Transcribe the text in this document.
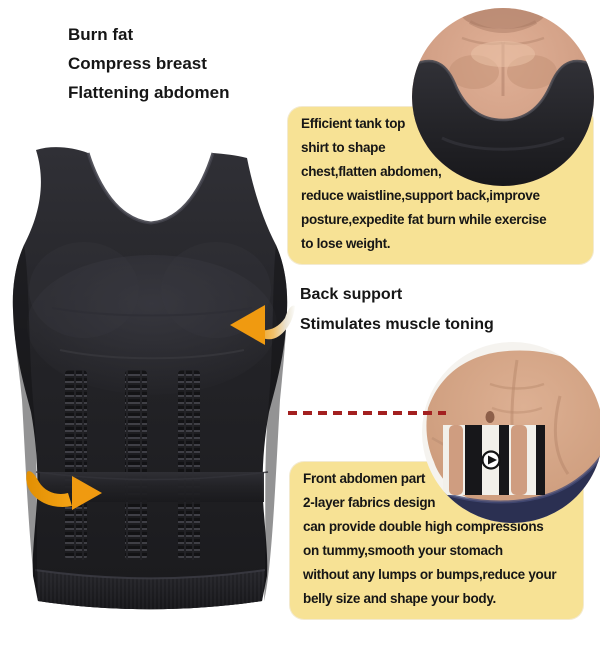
Burn fat
Compress breast
Flattening abdomen
Efficient tank top
shirt to shape
chest,flatten abdomen,
reduce waistline,support back,improve
posture,expedite fat burn while exercise
to lose weight.
Back support
Stimulates muscle toning
Front abdomen part
2-layer fabrics design
can provide double high compressions
on tummy,smooth your stomach
without any lumps or bumps,reduce your
belly size and shape your body.
